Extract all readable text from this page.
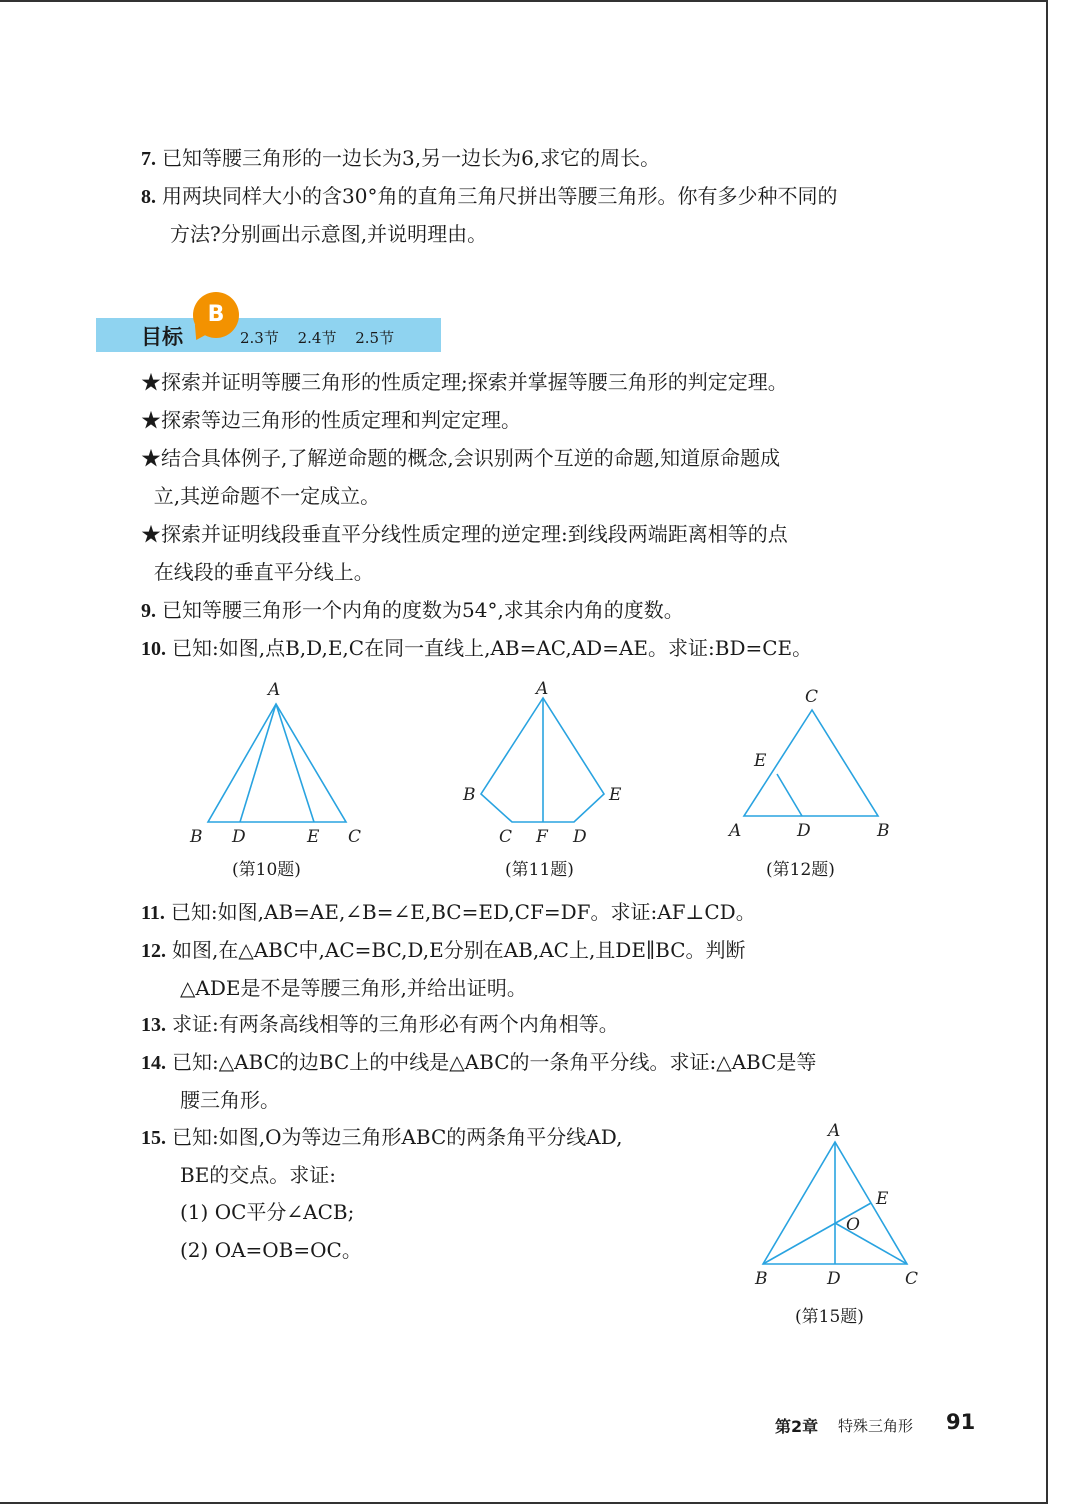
7. 已知等腰三角形的一边长为3,另一边长为6,求它的周长。
8. 用两块同样大小的含30°角的直角三角尺拼出等腰三角形。你有多少种不同的
方法?分别画出示意图,并说明理由。
目标
B
2.3节 2.4节 2.5节
★探索并证明等腰三角形的性质定理;探索并掌握等腰三角形的判定定理。
★探索等边三角形的性质定理和判定定理。
★结合具体例子,了解逆命题的概念,会识别两个互逆的命题,知道原命题成
立,其逆命题不一定成立。
★探索并证明线段垂直平分线性质定理的逆定理:到线段两端距离相等的点
在线段的垂直平分线上。
9. 已知等腰三角形一个内角的度数为54°,求其余内角的度数。
10. 已知:如图,点B,D,E,C在同一直线上,AB=AC,AD=AE。求证:BD=CE。
A
B D	E C
(第10题)
A
B	E
C F D
(第11题)
C
E
A	D	B
(第12题)
11. 已知:如图,AB=AE,∠B=∠E,BC=ED,CF=DF。求证:AF⊥CD。
12. 如图,在△ABC中,AC=BC,D,E分别在AB,AC上,且DE∥BC。判断
△ADE是不是等腰三角形,并给出证明。
13. 求证:有两条高线相等的三角形必有两个内角相等。
14. 已知:△ABC的边BC上的中线是△ABC的一条角平分线。求证:△ABC是等
腰三角形。
15. 已知:如图,O为等边三角形ABC的两条角平分线AD,
BE的交点。求证:
(1) OC平分∠ACB;
(2) OA=OB=OC。
A
E
O
B	D	C
(第15题)
第2章 特殊三角形 91
